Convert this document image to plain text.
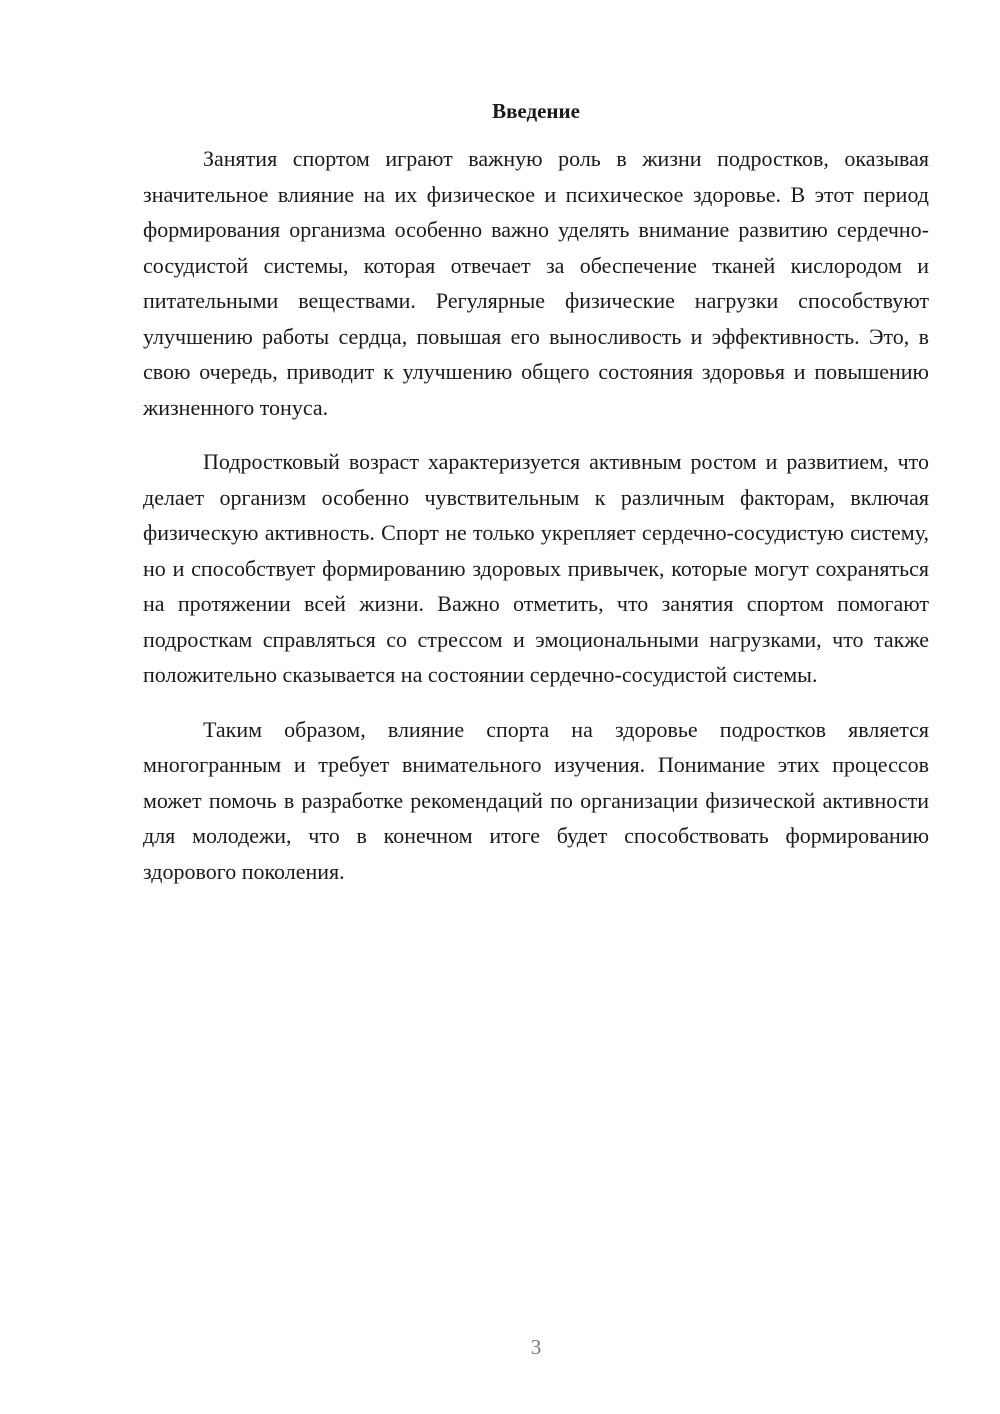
Введение

Занятия спортом играют важную роль в жизни подростков, оказывая значительное влияние на их физическое и психическое здоровье. В этот период формирования организма особенно важно уделять внимание развитию сердечно-сосудистой системы, которая отвечает за обеспечение тканей кислородом и питательными веществами. Регулярные физические нагрузки способствуют улучшению работы сердца, повышая его выносливость и эффективность. Это, в свою очередь, приводит к улучшению общего состояния здоровья и повышению жизненного тонуса.

Подростковый возраст характеризуется активным ростом и развитием, что делает организм особенно чувствительным к различным факторам, включая физическую активность. Спорт не только укрепляет сердечно-сосудистую систему, но и способствует формированию здоровых привычек, которые могут сохраняться на протяжении всей жизни. Важно отметить, что занятия спортом помогают подросткам справляться со стрессом и эмоциональными нагрузками, что также положительно сказывается на состоянии сердечно-сосудистой системы.

Таким образом, влияние спорта на здоровье подростков является многогранным и требует внимательного изучения. Понимание этих процессов может помочь в разработке рекомендаций по организации физической активности для молодежи, что в конечном итоге будет способствовать формированию здорового поколения.

3
